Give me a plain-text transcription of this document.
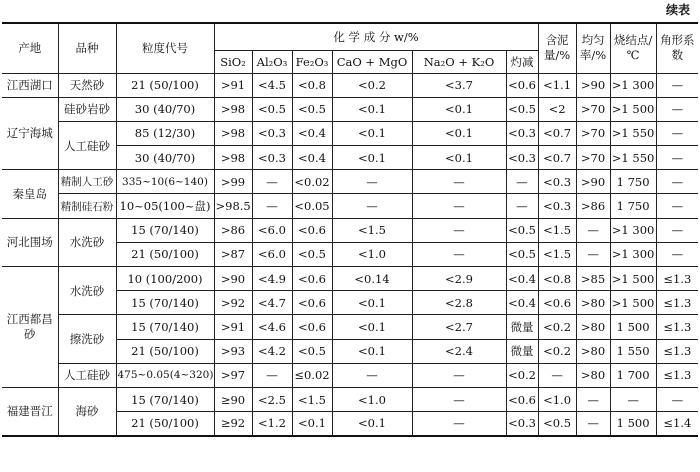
续表
产地	品种	粒度代号	化 学 成 分 w/%						含泥量/%	均匀率/%	烧结点/℃	角形系数
			SiO₂	Al₂O₃	Fe₂O₃	CaO + MgO	Na₂O + K₂O	灼减				
江西湖口	天然砂	21 (50/100)	>91	<4.5	<0.8	<0.2	<3.7	<0.6	<1.1	>90	>1 300	—
辽宁海城	硅砂岩砂	30 (40/70)	>98	<0.5	<0.5	<0.1	<0.1	<0.5	<2	>70	>1 500	—
	人工硅砂	85 (12/30)	>98	<0.3	<0.4	<0.1	<0.1	<0.3	<0.7	>70	>1 550	—
		30 (40/70)	>98	<0.3	<0.4	<0.1	<0.1	<0.3	<0.7	>70	>1 550	—
秦皇岛	精制人工砂	335~10(6~140)	>99	—	<0.02	—	—	—	<0.3	>90	1 750	—
	精制硅石粉	10~05(100~盘)	>98.5	—	<0.05	—	—	—	<0.3	>86	1 750	—
河北围场	水洗砂	15 (70/140)	>86	<6.0	<0.6	<1.5	—	<0.5	<1.5	—	>1 300	—
		21 (50/100)	>87	<6.0	<0.5	<1.0	—	<0.5	<1.5	—	>1 300	—
江西都昌砂	水洗砂	10 (100/200)	>90	<4.9	<0.6	<0.14	<2.9	<0.4	<0.8	>85	>1 500	≤1.3
		15 (70/140)	>92	<4.7	<0.6	<0.1	<2.8	<0.4	<0.6	>80	>1 500	≤1.3
	擦洗砂	15 (70/140)	>91	<4.6	<0.6	<0.1	<2.7	微量	<0.2	>80	1 500	≤1.3
		21 (50/100)	>93	<4.2	<0.5	<0.1	<2.4	微量	<0.2	>80	1 550	≤1.3
	人工硅砂	475~0.05(4~320)	>97	—	≤0.02	—	—	<0.2	—	>80	1 700	≤1.3
福建晋江	海砂	15 (70/140)	≥90	<2.5	<1.5	<1.0	—	<0.6	<1.0	—	—	—
		21 (50/100)	≥92	<1.2	<0.1	<0.1	—	<0.3	<0.5	—	1 500	≤1.4
